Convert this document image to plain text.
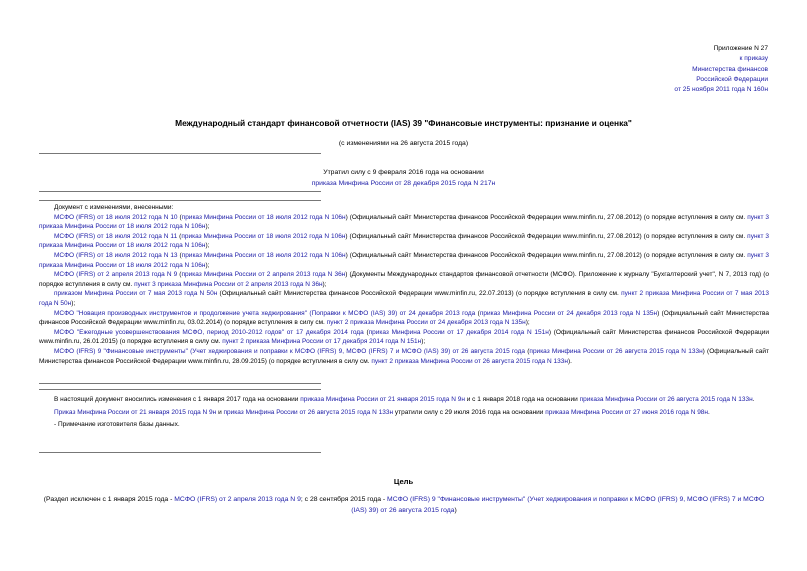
Приложение N 27
к приказу
Министерства финансов
Российской Федерации
от 25 ноября 2011 года N 160н
Международный стандарт финансовой отчетности (IAS) 39 "Финансовые инструменты: признание и оценка"
(с изменениями на 26 августа 2015 года)
Утратил силу с 9 февраля 2016 года на основании
приказа Минфина России от 28 декабря 2015 года N 217н

Документ с изменениями, внесенными:

МСФО (IFRS) от 18 июля 2012 года N 10 (приказ Минфина России от 18 июля 2012 года N 106н) (Официальный сайт Министерства финансов Российской Федерации www.minfin.ru, 27.08.2012) (о порядке вступления в силу см. пункт 3 приказа Минфина России от 18 июля 2012 года N 106н);

МСФО (IFRS) от 18 июля 2012 года N 11 (приказ Минфина России от 18 июля 2012 года N 106н) (Официальный сайт Министерства финансов Российской Федерации www.minfin.ru, 27.08.2012) (о порядке вступления в силу см. пункт 3 приказа Минфина России от 18 июля 2012 года N 106н);

МСФО (IFRS) от 18 июля 2012 года N 13 (приказ Минфина России от 18 июля 2012 года N 106н) (Официальный сайт Министерства финансов Российской Федерации www.minfin.ru, 27.08.2012) (о порядке вступления в силу см. пункт 3 приказа Минфина России от 18 июля 2012 года N 106н);

МСФО (IFRS) от 2 апреля 2013 года N 9 (приказ Минфина России от 2 апреля 2013 года N 36н) (Документы Международных стандартов финансовой отчетности (МСФО). Приложение к журналу "Бухгалтерский учет", N 7, 2013 год) (о порядке вступления в силу см. пункт 3 приказа Минфина России от 2 апреля 2013 года N 36н);

приказом Минфина России от 7 мая 2013 года N 50н (Официальный сайт Министерства финансов Российской Федерации www.minfin.ru, 22.07.2013) (о порядке вступления в силу см. пункт 2 приказа Минфина России от 7 мая 2013 года N 50н);

МСФО "Новация производных инструментов и продолжение учета хеджирования" (Поправки к МСФО (IAS) 39) от 24 декабря 2013 года (приказ Минфина России от 24 декабря 2013 года N 135н) (Официальный сайт Министерства финансов Российской Федерации www.minfin.ru, 03.02.2014) (о порядке вступления в силу см. пункт 2 приказа Минфина России от 24 декабря 2013 года N 135н);

МСФО "Ежегодные усовершенствования МСФО, период 2010-2012 годов" от 17 декабря 2014 года (приказ Минфина России от 17 декабря 2014 года N 151н) (Официальный сайт Министерства финансов Российской Федерации www.minfin.ru, 26.01.2015) (о порядке вступления в силу см. пункт 2 приказа Минфина России от 17 декабря 2014 года N 151н);

МСФО (IFRS) 9 "Финансовые инструменты" (Учет хеджирования и поправки к МСФО (IFRS) 9, МСФО (IFRS) 7 и МСФО (IAS) 39) от 26 августа 2015 года (приказ Минфина России от 26 августа 2015 года N 133н) (Официальный сайт Министерства финансов Российской Федерации www.minfin.ru, 28.09.2015) (о порядке вступления в силу см. пункт 2 приказа Минфина России от 26 августа 2015 года N 133н).

В настоящий документ вносились изменения с 1 января 2017 года на основании приказа Минфина России от 21 января 2015 года N 9н и с 1 января 2018 года на основании приказа Минфина России от 26 августа 2015 года N 133н.

Приказ Минфина России от 21 января 2015 года N 9н и приказ Минфина России от 26 августа 2015 года N 133н утратили силу с 29 июля 2016 года на основании приказа Минфина России от 27 июня 2016 года N 98н.

- Примечание изготовителя базы данных.

Цель
(Раздел исключен с 1 января 2015 года - МСФО (IFRS) от 2 апреля 2013 года N 9; с 28 сентября 2015 года - МСФО (IFRS) 9 "Финансовые инструменты" (Учет хеджирования и поправки к МСФО (IFRS) 9, МСФО (IFRS) 7 и МСФО (IAS) 39) от 26 августа 2015 года)
